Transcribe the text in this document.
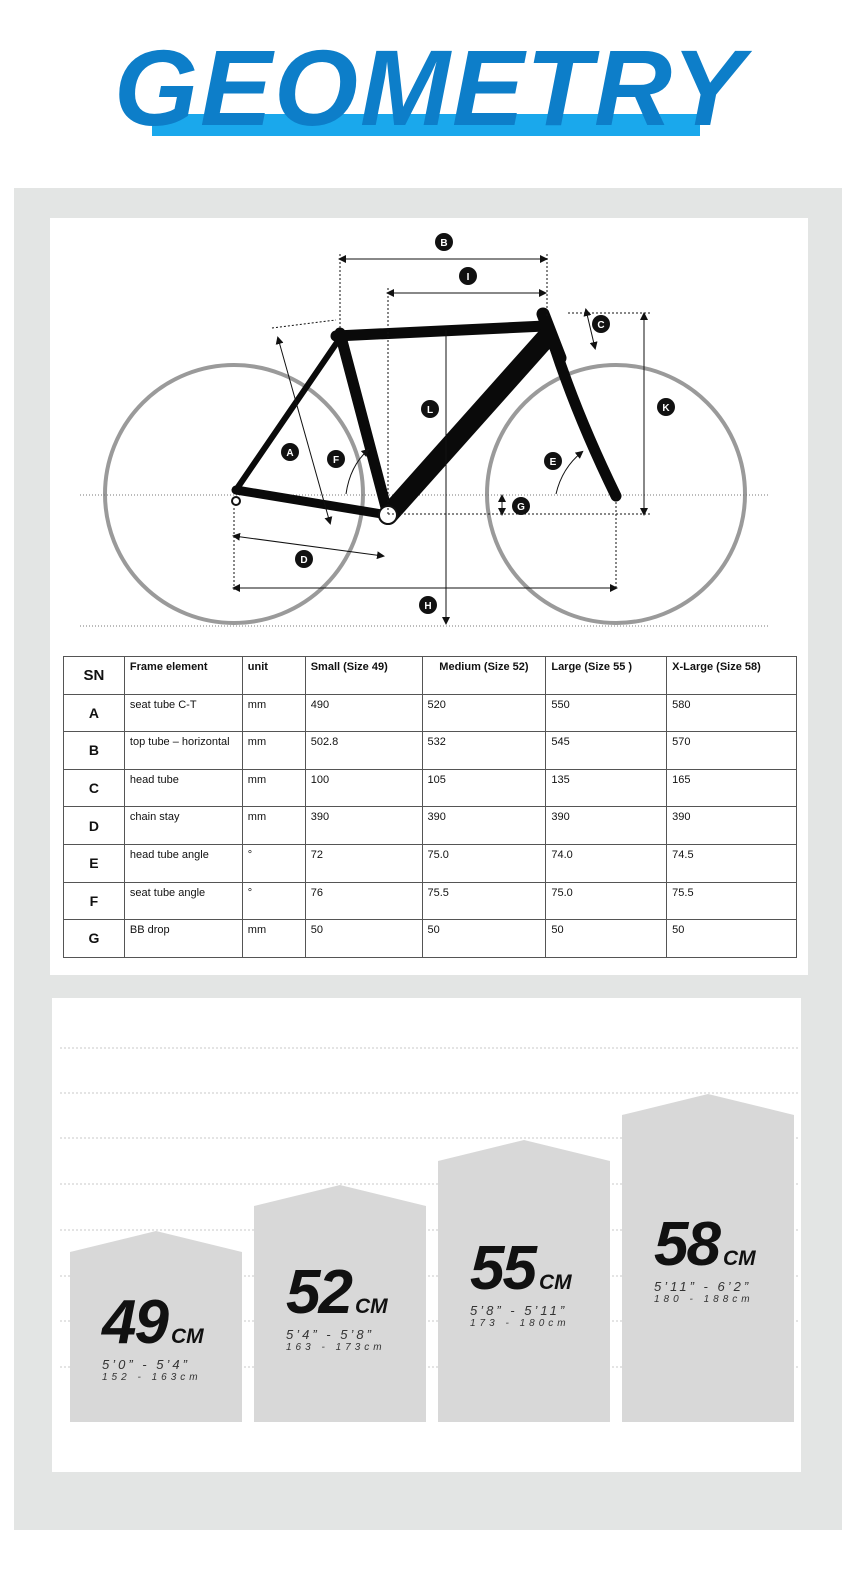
GEOMETRY
B
I
C
L	K
A
F	E
G
D
H
SN	Frame element	unit	Small (Size 49)	Medium (Size 52)	Large (Size 55 )	X-Large (Size 58)
A	seat tube C-T	mm	490	520	550	580
B	top tube – horizontal	mm	502.8	532	545	570
C	head tube	mm	100	105	135	165
D	chain stay	mm	390	390	390	390
E	head tube angle	°	72	75.0	74.0	74.5
F	seat tube angle	°	76	75.5	75.0	75.5
G	BB drop	mm	50	50	50	50
49 CM
5’0” - 5’4”
152 - 163cm
52 CM
5’4” - 5’8”
163 - 173cm
55 CM
5’8” - 5’11”
173 - 180cm
58 CM
5’11” - 6’2”
180 - 188cm
